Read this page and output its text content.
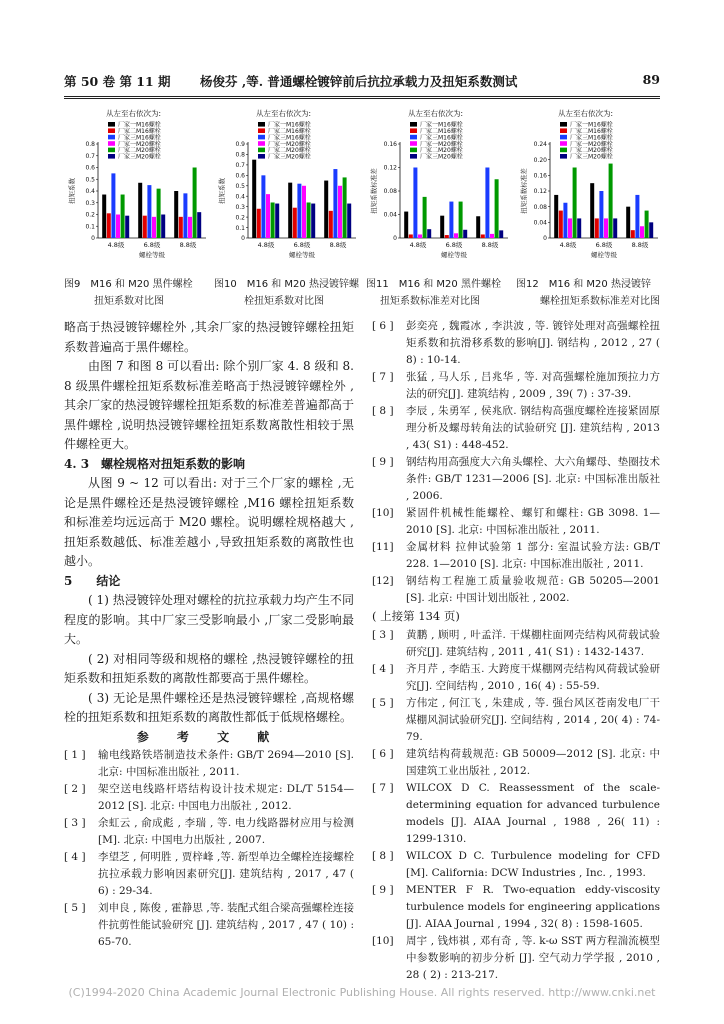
第 50 卷 第 11 期 杨俊芬 ,等. 普通螺栓镀锌前后抗拉承载力及扭矩系数测试	89
从左至右依次为:
厂家一M16螺栓
厂家二M16螺栓
厂家三M16螺栓
厂家一M20螺栓
厂家二M20螺栓
厂家三M20螺栓
0
0.1
0.2
0.3
0.4
0.5
0.6
0.7
0.8
扭矩系数
4.8级	6.8级	8.8级
螺栓等级
从左至右依次为:
厂家一M16螺栓
厂家二M16螺栓
厂家三M16螺栓
厂家一M20螺栓
厂家二M20螺栓
厂家三M20螺栓
0
0.1
0.2
0.3
0.4
0.5
0.6
0.7
0.8
0.9
扭矩系数
4.8级	6.8级	8.8级
螺栓等级
从左至右依次为:
厂家一M16螺栓
厂家二M16螺栓
厂家三M16螺栓
厂家一M20螺栓
厂家二M20螺栓
厂家三M20螺栓
0
0.04
0.08
0.12
0.16
扭矩系数标准差
4.8级	6.8级	8.8级
螺栓等级
从左至右依次为:
厂家一M16螺栓
厂家二M16螺栓
厂家三M16螺栓
厂家一M20螺栓
厂家二M20螺栓
厂家三M20螺栓
0
0.04
0.08
0.12
0.16
0.20
0.24
扭矩系数标准差
4.8级	6.8级	8.8级
螺栓等级
图9　M16 和 M20 黑件螺栓
扭矩系数对比图
图10　M16 和 M20 热浸镀锌螺
栓扭矩系数对比图
图11　M16 和 M20 黑件螺栓
扭矩系数标准差对比图
图12　M16 和 M20 热浸镀锌
螺栓扭矩系数标准差对比图

略高于热浸镀锌螺栓外 ,其余厂家的热浸镀锌螺栓扭矩系数普遍高于黑件螺栓。

由图 7 和图 8 可以看出: 除个别厂家 4. 8 级和 8. 8 级黑件螺栓扭矩系数标准差略高于热浸镀锌螺栓外 ,其余厂家的热浸镀锌螺栓扭矩系数的标准差普遍都高于黑件螺栓 ,说明热浸镀锌螺栓扭矩系数离散性相较于黑件螺栓更大。

4. 3　螺栓规格对扭矩系数的影响

从图 9 ~ 12 可以看出: 对于三个厂家的螺栓 ,无论是黑件螺栓还是热浸镀锌螺栓 ,M16 螺栓扭矩系数和标准差均远远高于 M20 螺栓。说明螺栓规格越大 ,扭矩系数越低、标准差越小 ,导致扭矩系数的离散性也越小。

5　　结论

( 1) 热浸镀锌处理对螺栓的抗拉承载力均产生不同程度的影响。其中厂家三受影响最小 ,厂家二受影响最大。

( 2) 对相同等级和规格的螺栓 ,热浸镀锌螺栓的扭矩系数和扭矩系数的离散性都要高于黑件螺栓。

( 3) 无论是黑件螺栓还是热浸镀锌螺栓 ,高规格螺栓的扭矩系数和扭矩系数的离散性都低于低规格螺栓。

参 考 文 献

[ 1 ] 输电线路铁塔制造技术条件: GB/T 2694—2010 [S]. 北京: 中国标准出版社 , 2011.

[ 2 ] 架空送电线路杆塔结构设计技术规定: DL/T 5154—2012 [S]. 北京: 中国电力出版社 , 2012.

[ 3 ] 余虹云 , 俞成彪 , 李瑞 , 等. 电力线路器材应用与检测[M]. 北京: 中国电力出版社 , 2007.

[ 4 ] 李望芝 , 何明胜 , 贾梓峰 ,等. 新型单边全螺栓连接螺栓抗拉承载力影响因素研究[J]. 建筑结构 , 2017 , 47 ( 6) : 29-34.

[ 5 ] 刘申良 , 陈俊 , 霍静思 ,等. 装配式组合梁高强螺栓连接件抗剪性能试验研究 [J]. 建筑结构 , 2017 , 47 ( 10) : 65-70.

[ 6 ] 彭奕亮 , 魏霞冰 , 李洪波 , 等. 镀锌处理对高强螺栓扭矩系数和抗滑移系数的影响[J]. 钢结构 , 2012 , 27 ( 8) : 10-14.

[ 7 ] 张猛 , 马人乐 , 吕兆华 , 等. 对高强螺栓施加预拉力方法的研究[J]. 建筑结构 , 2009 , 39( 7) : 37-39.

[ 8 ] 李辰 , 朱勇军 , 侯兆欣. 钢结构高强度螺栓连接紧固原理分析及螺母转角法的试验研究 [J]. 建筑结构 , 2013 , 43( S1) : 448-452.

[ 9 ] 钢结构用高强度大六角头螺栓、大六角螺母、垫圈技术条件: GB/T 1231—2006 [S]. 北京: 中国标准出版社 , 2006.

[10] 紧固件机械性能螺栓、螺钉和螺柱: GB 3098. 1—2010 [S]. 北京: 中国标准出版社 , 2011.

[11] 金属材料 拉伸试验第 1 部分: 室温试验方法: GB/T 228. 1—2010 [S]. 北京: 中国标准出版社 , 2011.

[12] 钢结构工程施工质量验收规范: GB 50205—2001 [S]. 北京: 中国计划出版社 , 2002.

( 上接第 134 页)

[ 3 ] 黄鹏 , 顾明 , 叶孟洋. 干煤棚柱面网壳结构风荷载试验研究[J]. 建筑结构 , 2011 , 41( S1) : 1432-1437.

[ 4 ] 齐月芹 , 李皓玉. 大跨度干煤棚网壳结构风荷载试验研究[J]. 空间结构 , 2010 , 16( 4) : 55-59.

[ 5 ] 方伟定 , 何江飞 , 朱建成 , 等. 强台风区苍南发电厂干煤棚风洞试验研究[J]. 空间结构 , 2014 , 20( 4) : 74-79.

[ 6 ] 建筑结构荷载规范: GB 50009—2012 [S]. 北京: 中国建筑工业出版社 , 2012.

[ 7 ] WILCOX D C. Reassessment of the scale-determining equation for advanced turbulence models [J]. AIAA Journal , 1988 , 26( 11) : 1299-1310.

[ 8 ] WILCOX D C. Turbulence modeling for CFD [M]. California: DCW Industries , Inc. , 1993.

[ 9 ] MENTER F R. Two-equation eddy-viscosity turbulence models for engineering applications [J]. AIAA Journal , 1994 , 32( 8) : 1598-1605.

[10] 周宇 , 钱炜祺 , 邓有奇 , 等. k-ω SST 两方程湍流模型中参数影响的初步分析 [J]. 空气动力学学报 , 2010 , 28 ( 2) : 213-217.

(C)1994-2020 China Academic Journal Electronic Publishing House. All rights reserved. http://www.cnki.net
